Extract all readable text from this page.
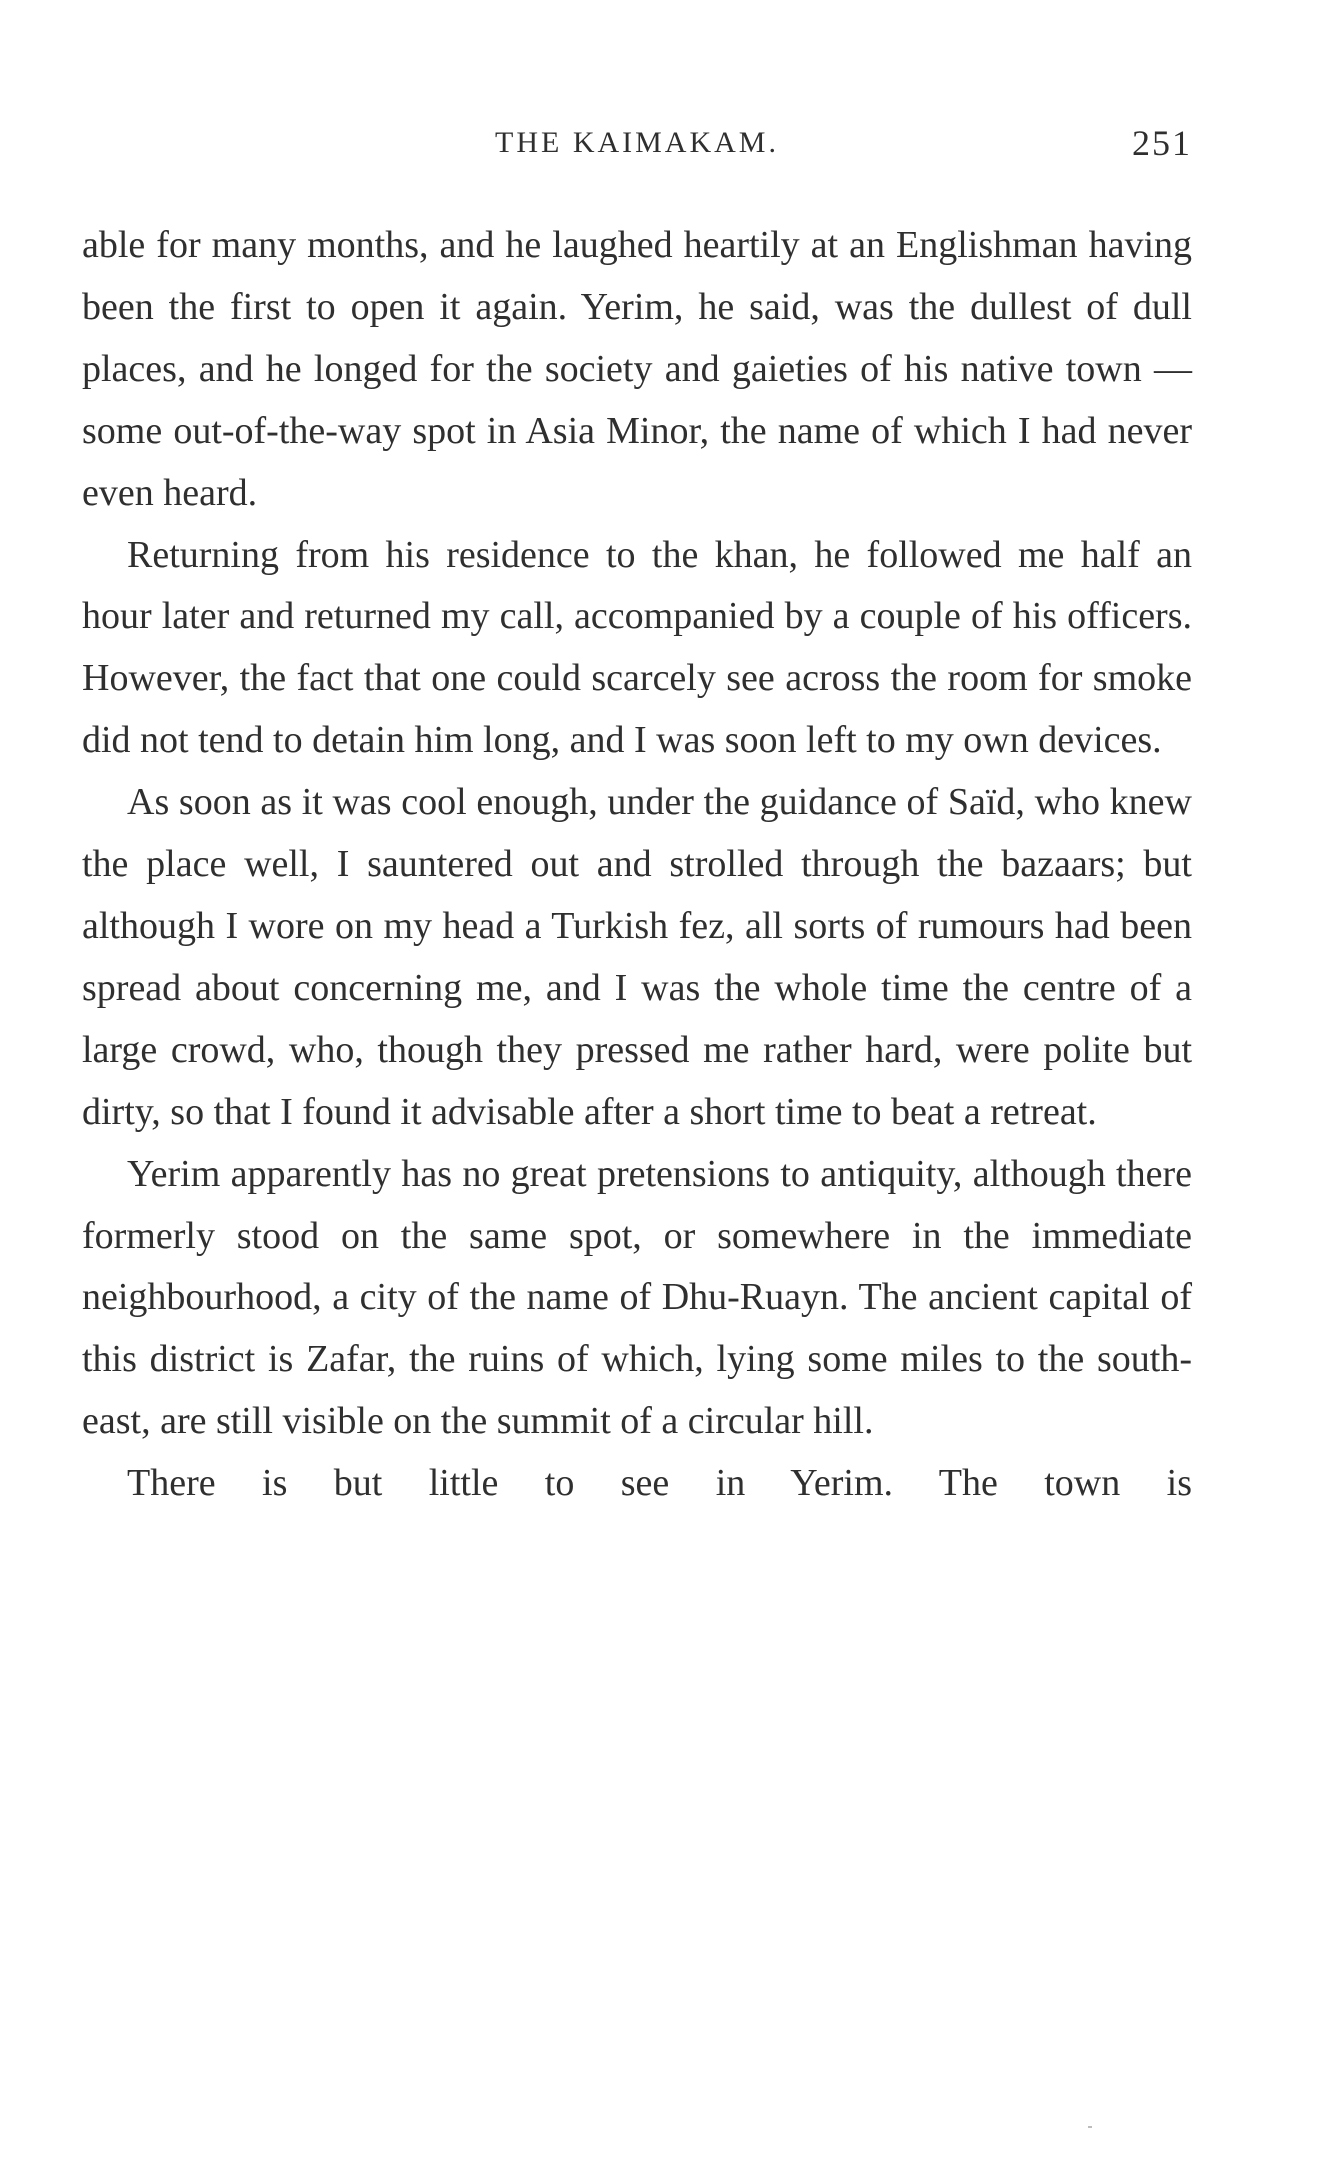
THE KAIMAKAM.	251

able for many months, and he laughed heartily at an Englishman having been the first to open it again. Yerim, he said, was the dullest of dull places, and he longed for the society and gaieties of his native town —some out-of-the-way spot in Asia Minor, the name of which I had never even heard.

Returning from his residence to the khan, he followed me half an hour later and returned my call, accompanied by a couple of his officers. However, the fact that one could scarcely see across the room for smoke did not tend to detain him long, and I was soon left to my own devices.

As soon as it was cool enough, under the guidance of Saïd, who knew the place well, I sauntered out and strolled through the bazaars; but although I wore on my head a Turkish fez, all sorts of rumours had been spread about concerning me, and I was the whole time the centre of a large crowd, who, though they pressed me rather hard, were polite but dirty, so that I found it advisable after a short time to beat a retreat.

Yerim apparently has no great pretensions to antiquity, although there formerly stood on the same spot, or somewhere in the immediate neighbourhood, a city of the name of Dhu-Ruayn. The ancient capital of this district is Zafar, the ruins of which, lying some miles to the south-east, are still visible on the summit of a circular hill.

There is but little to see in Yerim. The town is
